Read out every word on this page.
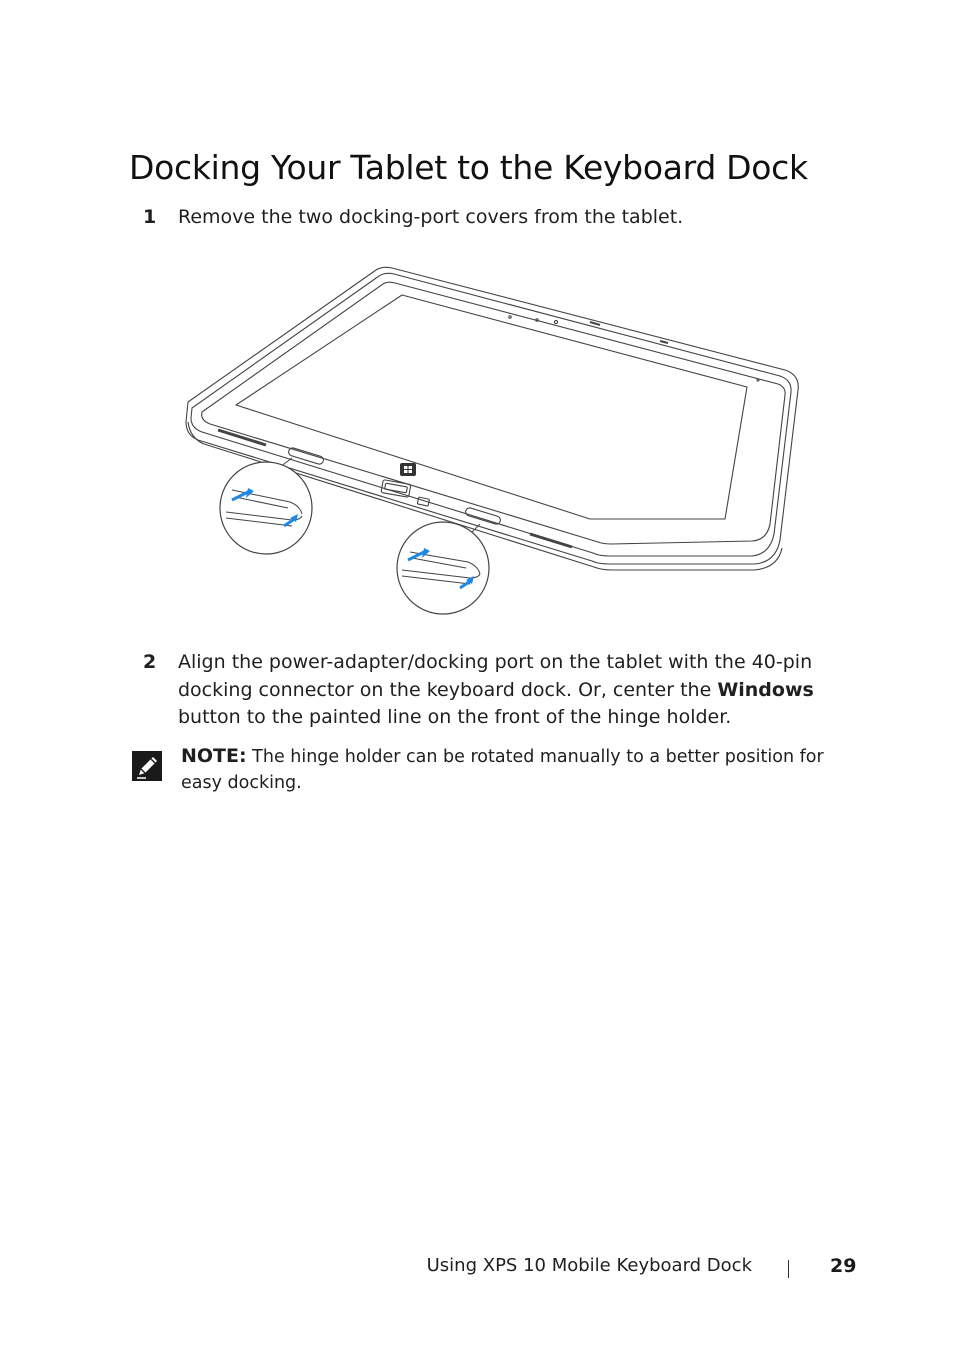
Docking Your Tablet to the Keyboard Dock
1 Remove the two docking-port covers from the tablet.
2 Align the power-adapter/docking port on the tablet with the 40-pin docking connector on the keyboard dock. Or, center the Windows button to the painted line on the front of the hinge holder.
NOTE: The hinge holder can be rotated manually to a better position for easy docking.
Using XPS 10 Mobile Keyboard Dock	29
